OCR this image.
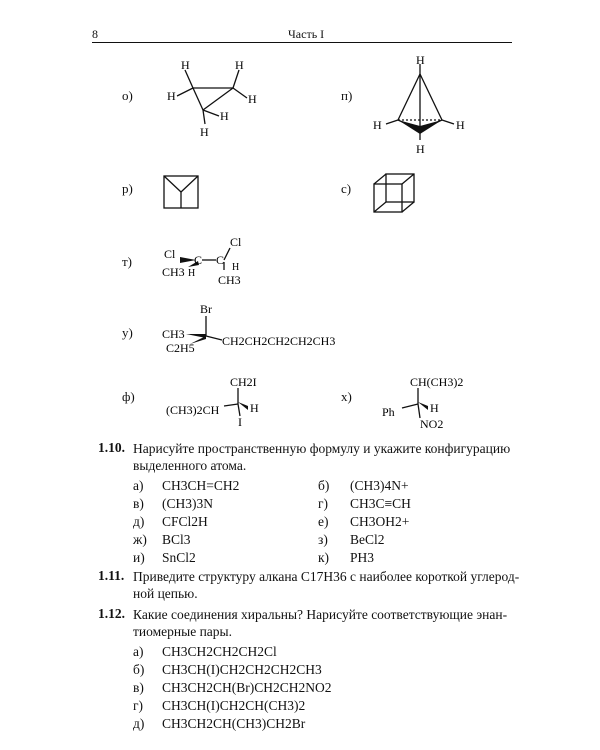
8	Часть I
о)	п)
р)	с)
т)
у)
ф)	х)
H
H
H
H
H
H
H
H	H
H
Cl C C
Cl
CH3 H
H
CH3
Br
CH3
C2H5 CH2CH2CH2CH2CH3
CH2I
(CH3)2CH	H
I
CH(CH3)2
Ph	H
NO2
1.10. Нарисуйте пространственную формулу и укажите конфигурацию
выделенного атома.
а) CH3CH=CH2	б) (CH3)4N+
в) (CH3)3N	г) CH3C≡CH
д) CFCl2H	е) CH3OH2+
ж) BCl3	з) BeCl2
и) SnCl2	к) PH3
1.11. Приведите структуру алкана C17H36 с наиболее короткой углерод-
ной цепью.
1.12. Какие соединения хиральны? Нарисуйте соответствующие энан-
тиомерные пары.
а) CH3CH2CH2CH2Cl
б) CH3CH(I)CH2CH2CH2CH3
в) CH3CH2CH(Br)CH2CH2NO2
г) CH3CH(I)CH2CH(CH3)2
д) CH3CH2CH(CH3)CH2Br
